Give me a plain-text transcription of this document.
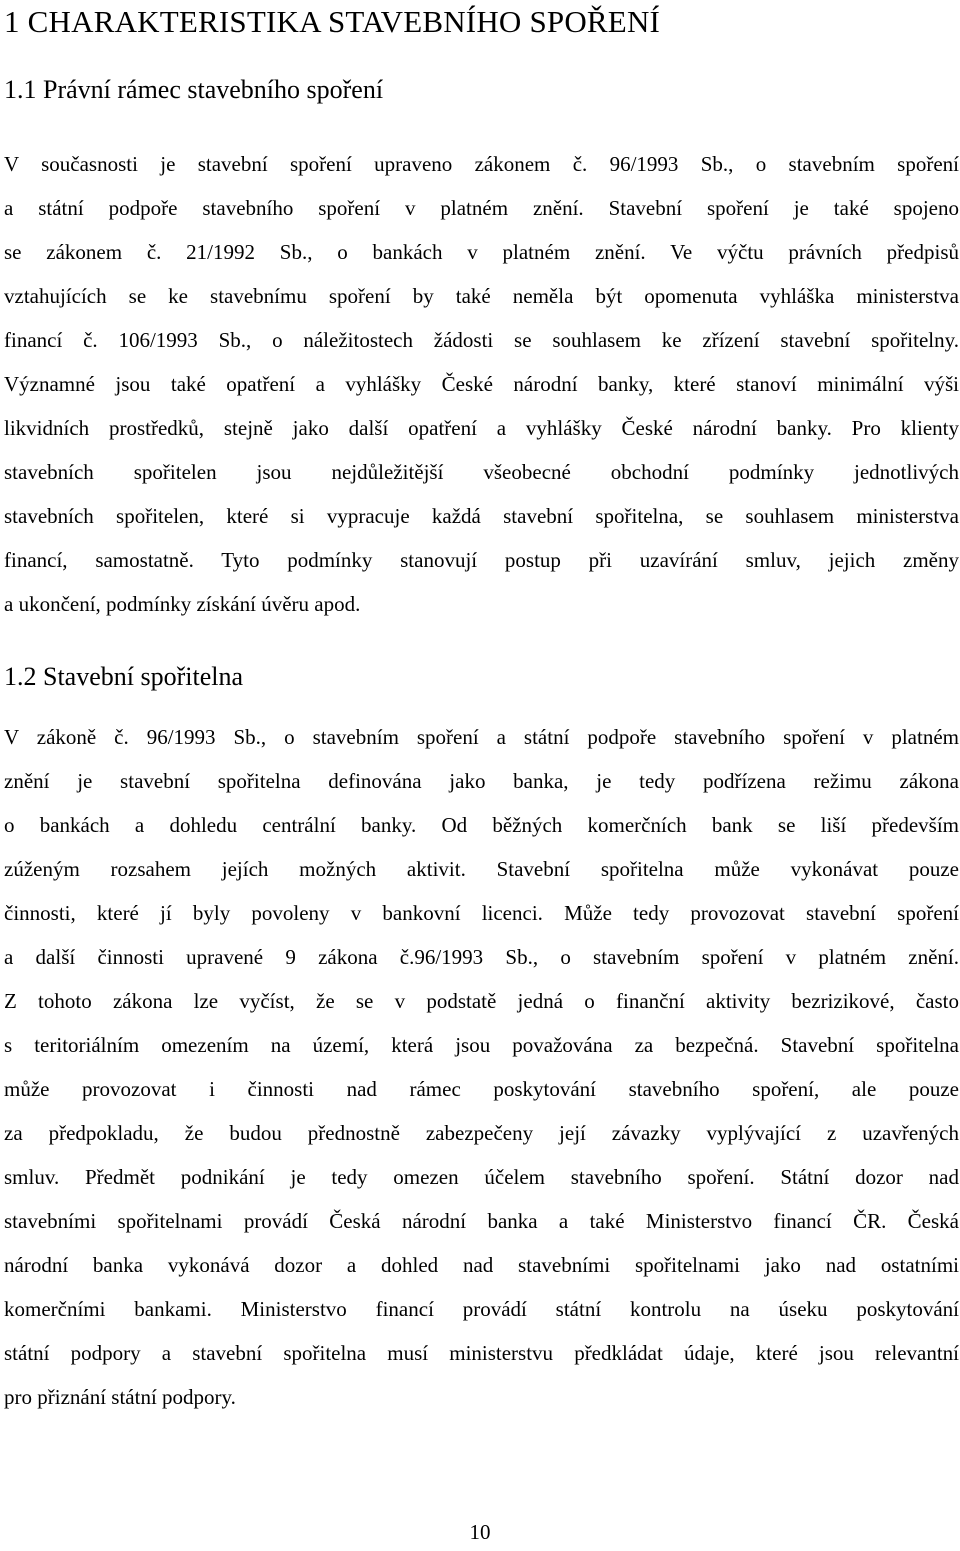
1 CHARAKTERISTIKA STAVEBNÍHO SPOŘENÍ
1.1 Právní rámec stavebního spoření
V současnosti je stavební spoření upraveno zákonem č. 96/1993 Sb., o stavebním spoření
a státní podpoře stavebního spoření v platném znění. Stavební spoření je také spojeno
se zákonem č. 21/1992 Sb., o bankách v platném znění. Ve výčtu právních předpisů
vztahujících se ke stavebnímu spoření by také neměla být opomenuta vyhláška ministerstva
financí č. 106/1993 Sb., o náležitostech žádosti se souhlasem ke zřízení stavební spořitelny.
Významné jsou také opatření a vyhlášky České národní banky, které stanoví minimální výši
likvidních prostředků, stejně jako další opatření a vyhlášky České národní banky. Pro klienty
stavebních spořitelen jsou nejdůležitější všeobecné obchodní podmínky jednotlivých
stavebních spořitelen, které si vypracuje každá stavební spořitelna, se souhlasem ministerstva
financí, samostatně. Tyto podmínky stanovují postup při uzavírání smluv, jejich změny
a ukončení, podmínky získání úvěru apod.
1.2 Stavební spořitelna
V zákoně č. 96/1993 Sb., o stavebním spoření a státní podpoře stavebního spoření v platném
znění je stavební spořitelna definována jako banka, je tedy podřízena režimu zákona
o bankách a dohledu centrální banky. Od běžných komerčních bank se liší především
zúženým rozsahem jejích možných aktivit. Stavební spořitelna může vykonávat pouze
činnosti, které jí byly povoleny v bankovní licenci. Může tedy provozovat stavební spoření
a další činnosti upravené 9 zákona č.96/1993 Sb., o stavebním spoření v platném znění.
Z tohoto zákona lze vyčíst, že se v podstatě jedná o finanční aktivity bezrizikové, často
s teritoriálním omezením na území, která jsou považována za bezpečná. Stavební spořitelna
může provozovat i činnosti nad rámec poskytování stavebního spoření, ale pouze
za předpokladu, že budou přednostně zabezpečeny její závazky vyplývající z uzavřených
smluv. Předmět podnikání je tedy omezen účelem stavebního spoření. Státní dozor nad
stavebními spořitelnami provádí Česká národní banka a také Ministerstvo financí ČR. Česká
národní banka vykonává dozor a dohled nad stavebními spořitelnami jako nad ostatními
komerčními bankami. Ministerstvo financí provádí státní kontrolu na úseku poskytování
státní podpory a stavební spořitelna musí ministerstvu předkládat údaje, které jsou relevantní
pro přiznání státní podpory.
10
